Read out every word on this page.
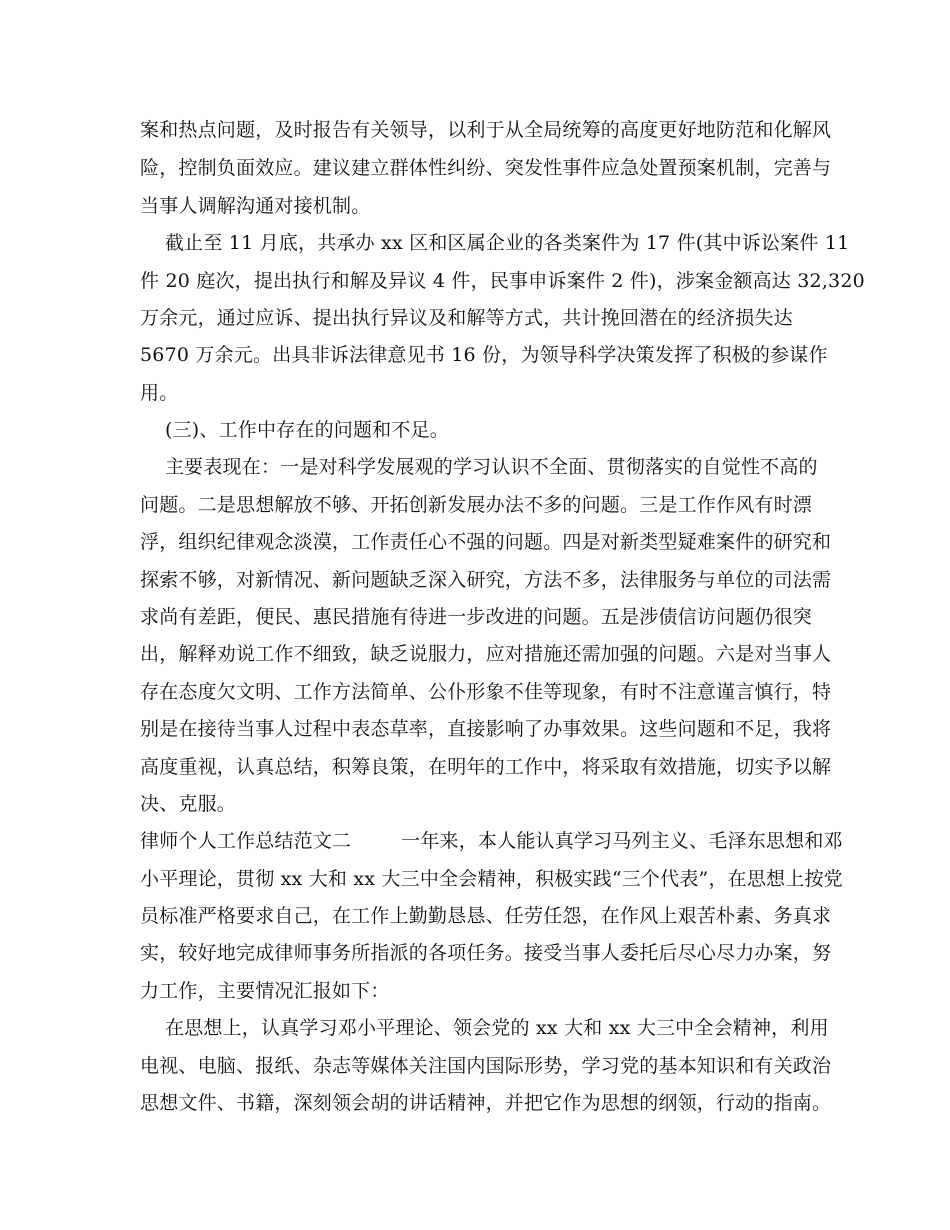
案和热点问题，及时报告有关领导，以利于从全局统筹的高度更好地防范和化解风
险，控制负面效应。建议建立群体性纠纷、突发性事件应急处置预案机制，完善与
当事人调解沟通对接机制。
截止至 11 月底，共承办 xx 区和区属企业的各类案件为 17 件(其中诉讼案件 11
件 20 庭次，提出执行和解及异议 4 件，民事申诉案件 2 件)，涉案金额高达 32,320
万余元，通过应诉、提出执行异议及和解等方式，共计挽回潜在的经济损失达
5670 万余元。出具非诉法律意见书 16 份，为领导科学决策发挥了积极的参谋作
用。
(三)、工作中存在的问题和不足。
主要表现在：一是对科学发展观的学习认识不全面、贯彻落实的自觉性不高的
问题。二是思想解放不够、开拓创新发展办法不多的问题。三是工作作风有时漂
浮，组织纪律观念淡漠，工作责任心不强的问题。四是对新类型疑难案件的研究和
探索不够，对新情况、新问题缺乏深入研究，方法不多，法律服务与单位的司法需
求尚有差距，便民、惠民措施有待进一步改进的问题。五是涉债信访问题仍很突
出，解释劝说工作不细致，缺乏说服力，应对措施还需加强的问题。六是对当事人
存在态度欠文明、工作方法简单、公仆形象不佳等现象，有时不注意谨言慎行，特
别是在接待当事人过程中表态草率，直接影响了办事效果。这些问题和不足，我将
高度重视，认真总结，积筹良策，在明年的工作中，将采取有效措施，切实予以解
决、克服。
律师个人工作总结范文二        一年来，本人能认真学习马列主义、毛泽东思想和邓
小平理论，贯彻 xx 大和 xx 大三中全会精神，积极实践“三个代表”，在思想上按党
员标准严格要求自己，在工作上勤勤恳恳、任劳任怨，在作风上艰苦朴素、务真求
实，较好地完成律师事务所指派的各项任务。接受当事人委托后尽心尽力办案，努
力工作，主要情况汇报如下：
在思想上，认真学习邓小平理论、领会党的 xx 大和 xx 大三中全会精神，利用
电视、电脑、报纸、杂志等媒体关注国内国际形势，学习党的基本知识和有关政治
思想文件、书籍，深刻领会胡的讲话精神，并把它作为思想的纲领，行动的指南。
